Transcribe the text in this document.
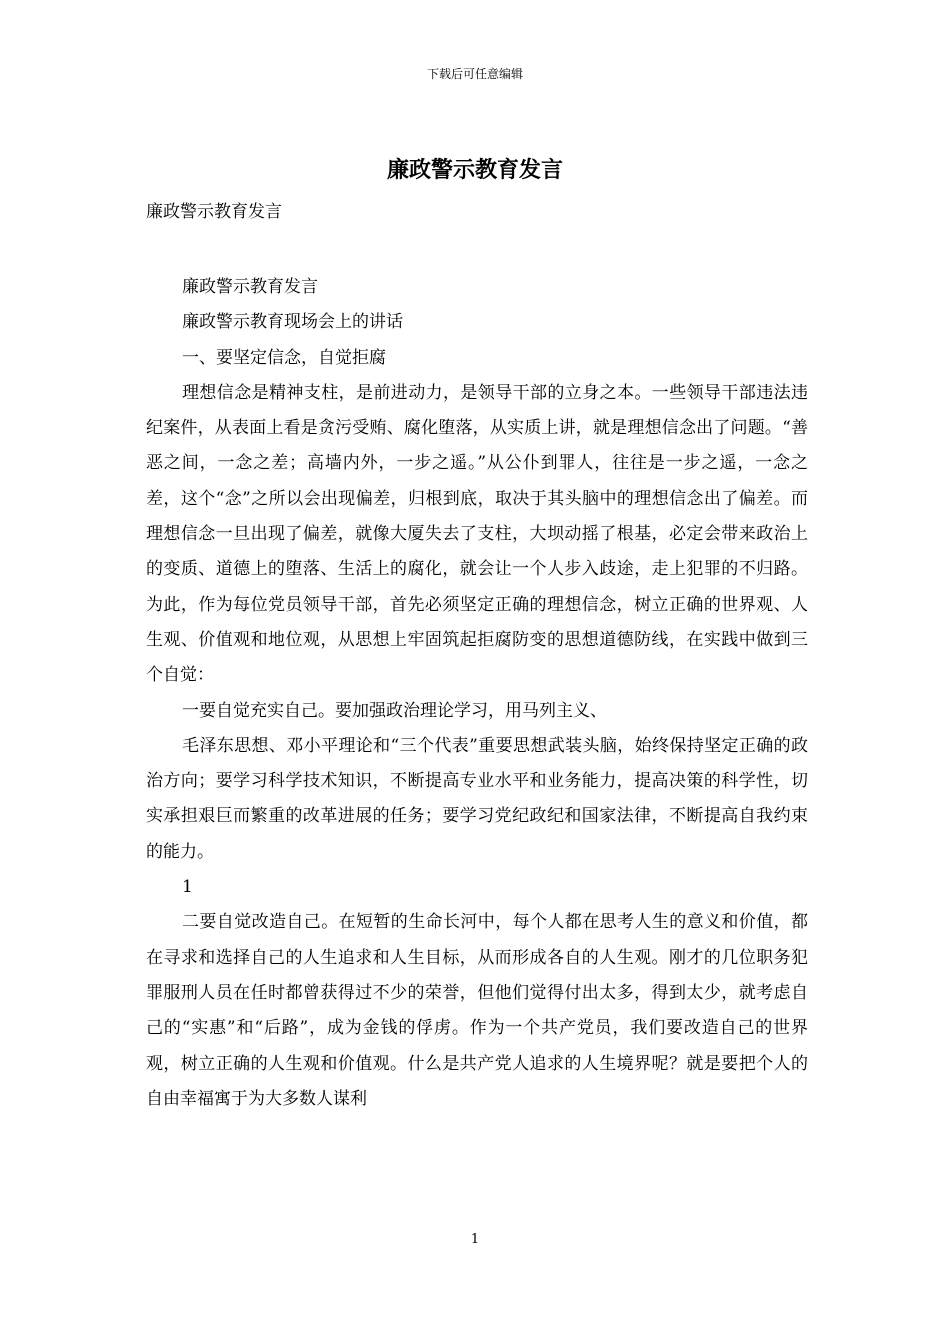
下载后可任意编辑
廉政警示教育发言

廉政警示教育发言

廉政警示教育发言

廉政警示教育现场会上的讲话

一、要坚定信念，自觉拒腐

理想信念是精神支柱，是前进动力，是领导干部的立身之本。一些领导干部违法违纪案件，从表面上看是贪污受贿、腐化堕落，从实质上讲，就是理想信念出了问题。“善恶之间，一念之差；高墙内外，一步之遥。”从公仆到罪人，往往是一步之遥，一念之差，这个“念”之所以会出现偏差，归根到底，取决于其头脑中的理想信念出了偏差。而理想信念一旦出现了偏差，就像大厦失去了支柱，大坝动摇了根基，必定会带来政治上的变质、道德上的堕落、生活上的腐化，就会让一个人步入歧途，走上犯罪的不归路。为此，作为每位党员领导干部，首先必须坚定正确的理想信念，树立正确的世界观、人生观、价值观和地位观，从思想上牢固筑起拒腐防变的思想道德防线，在实践中做到三个自觉：

一要自觉充实自己。要加强政治理论学习，用马列主义、

毛泽东思想、邓小平理论和“三个代表”重要思想武装头脑，始终保持坚定正确的政治方向；要学习科学技术知识，不断提高专业水平和业务能力，提高决策的科学性，切实承担艰巨而繁重的改革进展的任务；要学习党纪政纪和国家法律，不断提高自我约束的能力。

1

二要自觉改造自己。在短暂的生命长河中，每个人都在思考人生的意义和价值，都在寻求和选择自己的人生追求和人生目标，从而形成各自的人生观。刚才的几位职务犯罪服刑人员在任时都曾获得过不少的荣誉，但他们觉得付出太多，得到太少，就考虑自己的“实惠”和“后路”，成为金钱的俘虏。作为一个共产党员，我们要改造自己的世界观，树立正确的人生观和价值观。什么是共产党人追求的人生境界呢？就是要把个人的自由幸福寓于为大多数人谋利

1
